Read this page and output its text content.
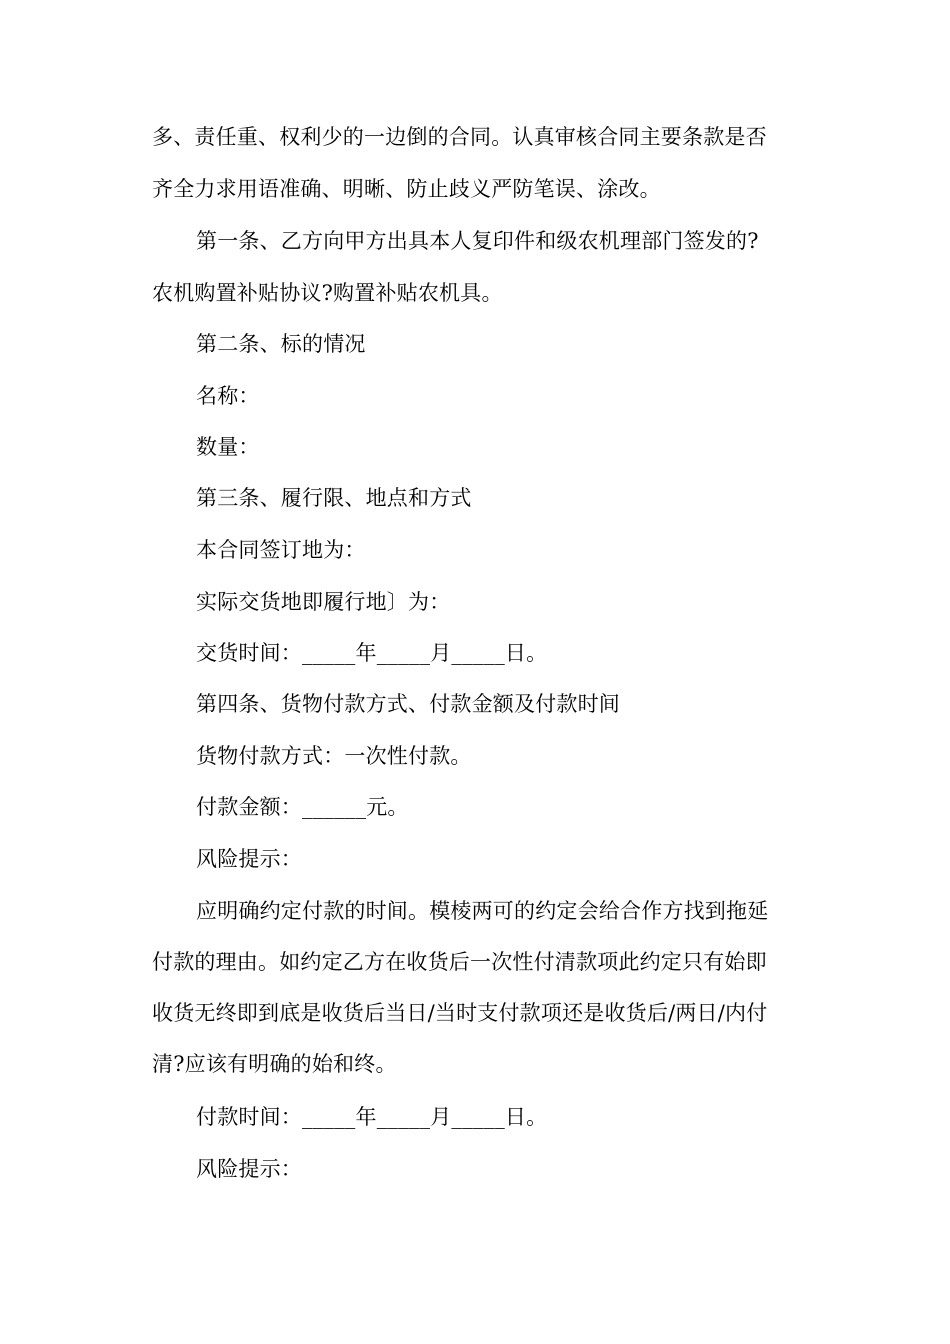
多、责任重、权利少的一边倒的合同。认真审核合同主要条款是否
齐全力求用语准确、明晰、防止歧义严防笔误、涂改。
第一条、乙方向甲方出具本人复印件和级农机理部门签发的?
农机购置补贴协议?购置补贴农机具。
第二条、标的情况
名称：
数量：
第三条、履行限、地点和方式
本合同签订地为：
实际交货地即履行地〕为：
交货时间：_____年_____月_____日。
第四条、货物付款方式、付款金额及付款时间
货物付款方式：一次性付款。
付款金额：______元。
风险提示：
应明确约定付款的时间。模棱两可的约定会给合作方找到拖延
付款的理由。如约定乙方在收货后一次性付清款项此约定只有始即
收货无终即到底是收货后当日/当时支付款项还是收货后/两日/内付
清?应该有明确的始和终。
付款时间：_____年_____月_____日。
风险提示：
